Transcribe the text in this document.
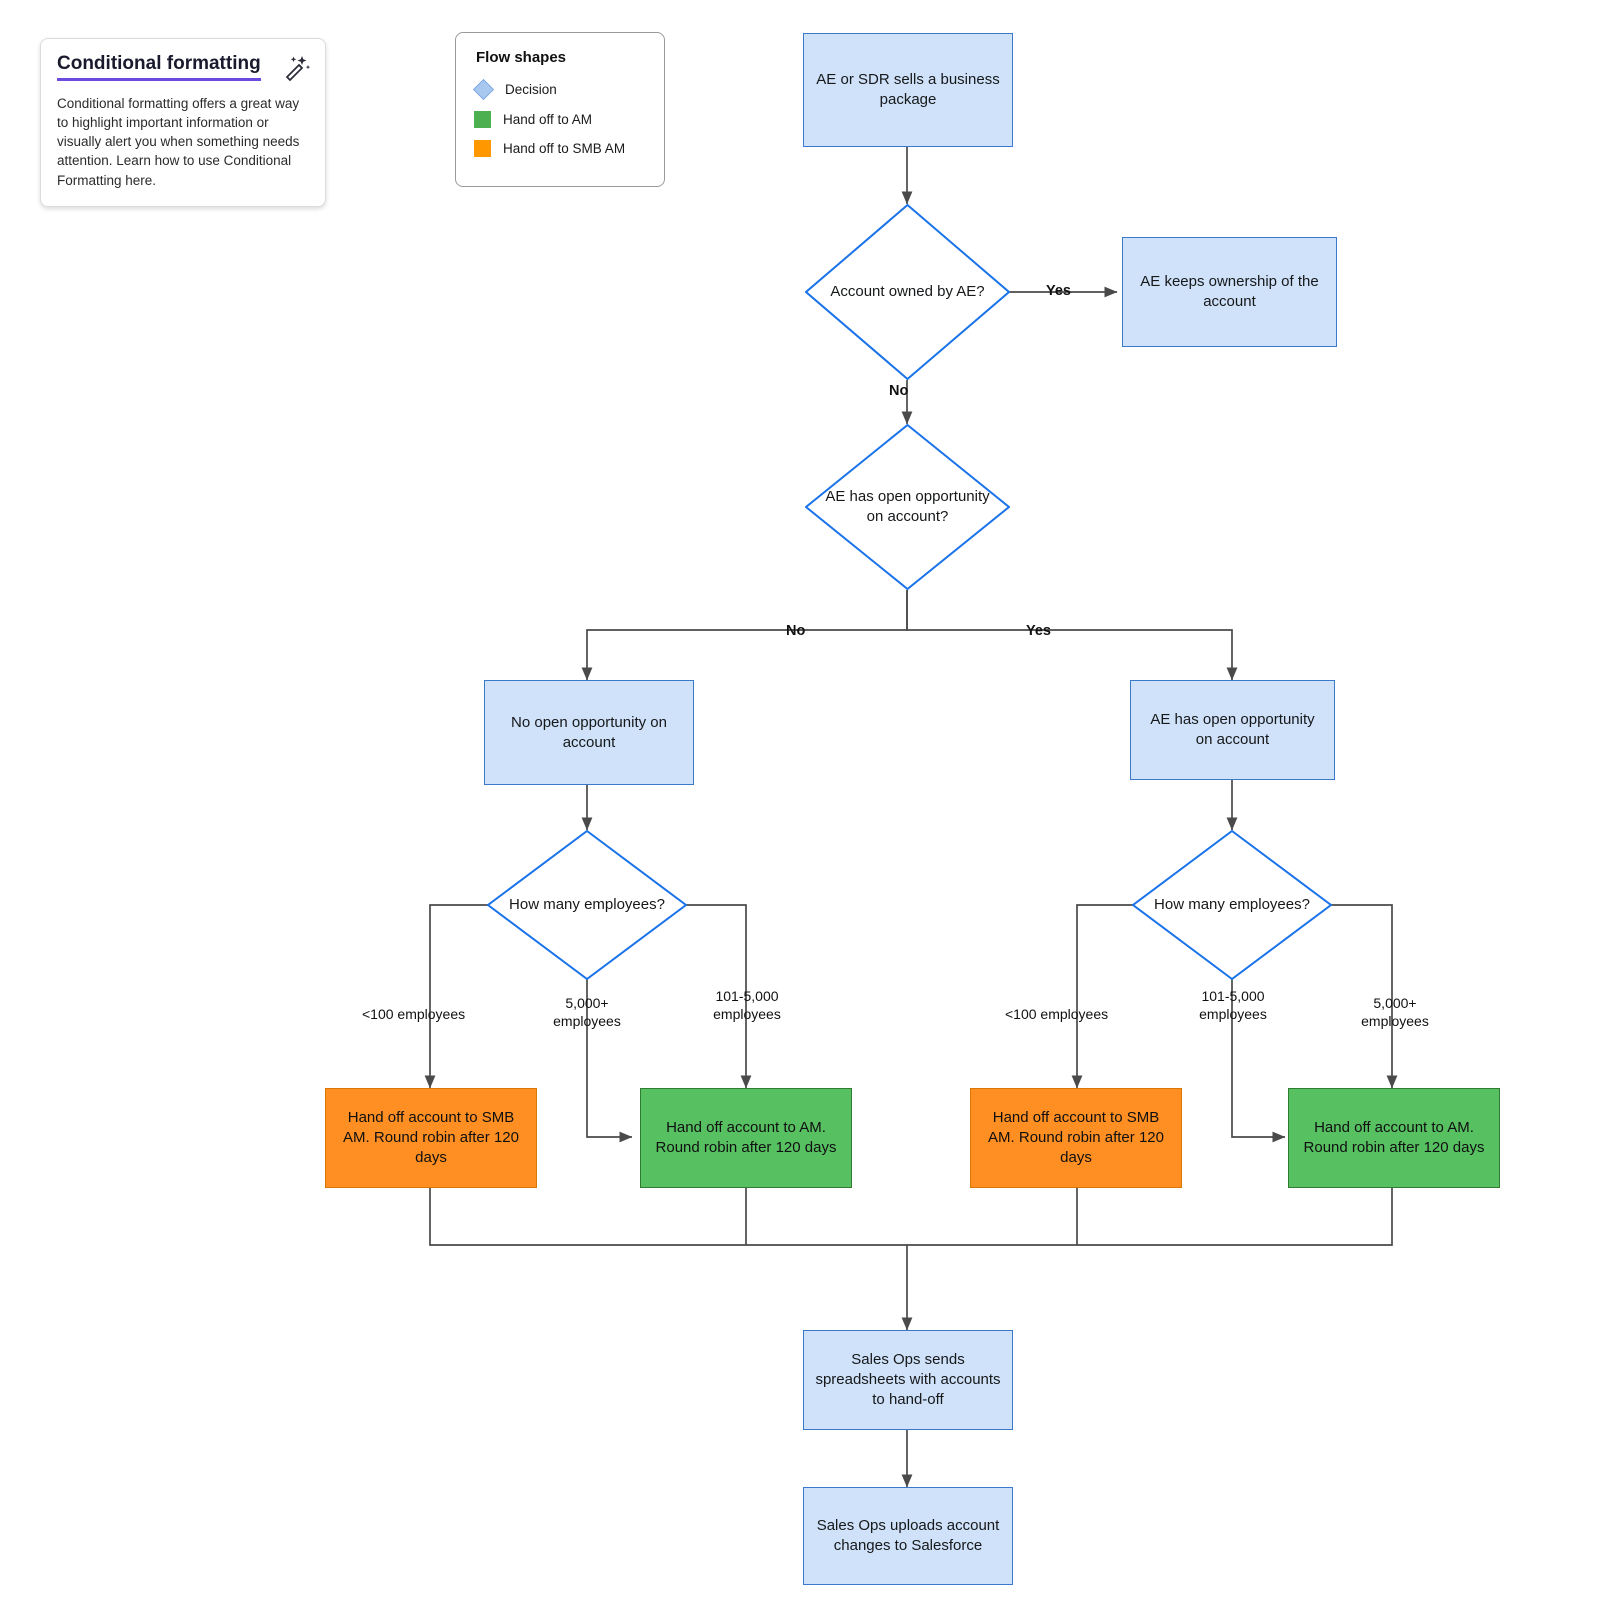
Conditional formatting
Conditional formatting offers a great way to highlight important information or visually alert you when something needs attention. Learn how to use Conditional Formatting here.
Flow shapes
Decision
Hand off to AM
Hand off to SMB AM
AE or SDR sells a business package
Account owned by AE?
AE keeps ownership of the account
AE has open opportunity on account?
No open opportunity on account
AE has open opportunity on account
How many employees?	How many employees?
Hand off account to SMB AM. Round robin after 120 days
Hand off account to AM. Round robin after 120 days
Hand off account to SMB AM. Round robin after 120 days
Hand off account to AM. Round robin after 120 days
Sales Ops sends spreadsheets with accounts to hand-off
Sales Ops uploads account changes to Salesforce
Yes
No
No	Yes
<100 employees
5,000+ employees
101-5,000 employees	<100 employees
101-5,000 employees
5,000+ employees
